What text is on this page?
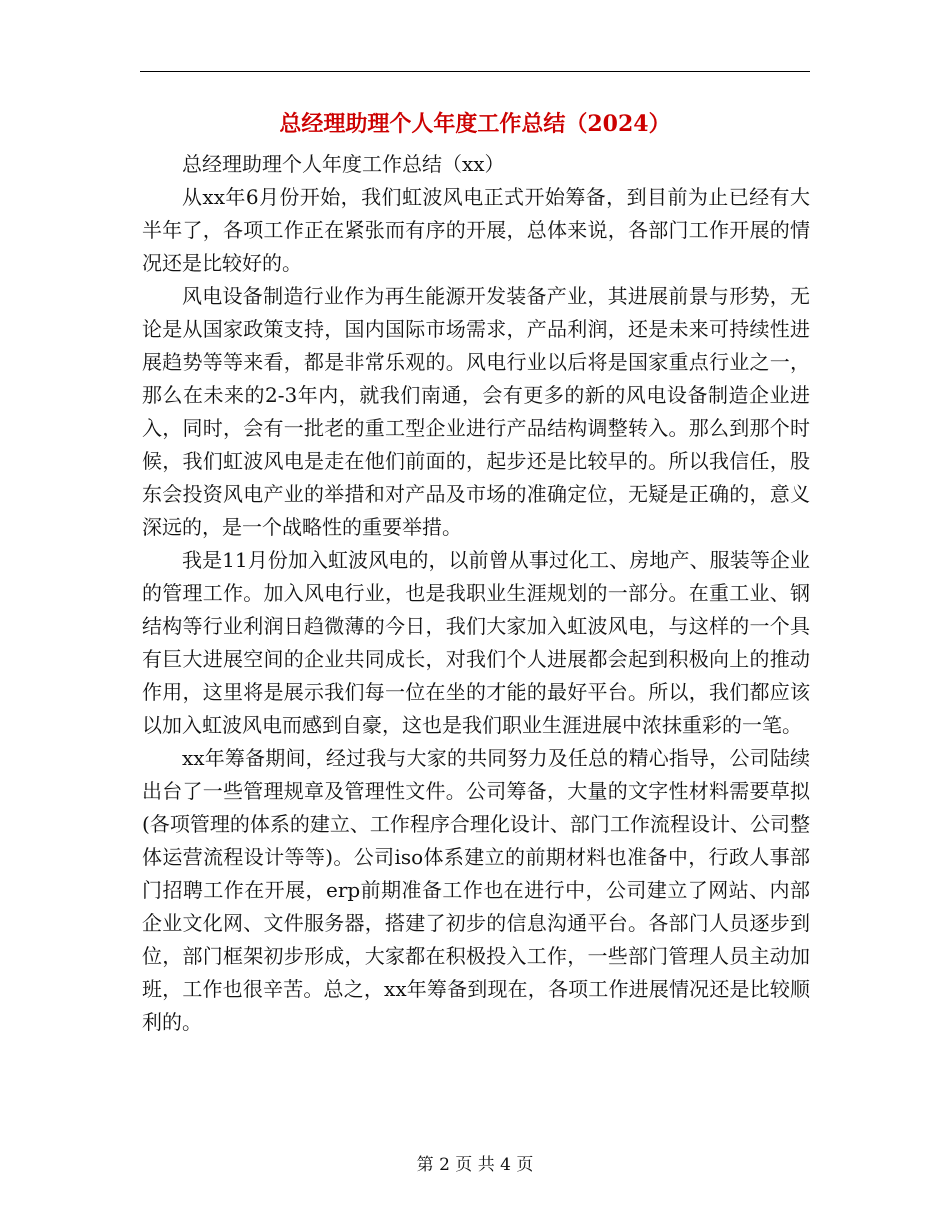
总经理助理个人年度工作总结（2024）

总经理助理个人年度工作总结（xx）

从xx年6月份开始，我们虹波风电正式开始筹备，到目前为止已经有大半年了，各项工作正在紧张而有序的开展，总体来说，各部门工作开展的情况还是比较好的。

风电设备制造行业作为再生能源开发装备产业，其进展前景与形势，无论是从国家政策支持，国内国际市场需求，产品利润，还是未来可持续性进展趋势等等来看，都是非常乐观的。风电行业以后将是国家重点行业之一，那么在未来的2-3年内，就我们南通，会有更多的新的风电设备制造企业进入，同时，会有一批老的重工型企业进行产品结构调整转入。那么到那个时候，我们虹波风电是走在他们前面的，起步还是比较早的。所以我信任，股东会投资风电产业的举措和对产品及市场的准确定位，无疑是正确的，意义深远的，是一个战略性的重要举措。

我是11月份加入虹波风电的，以前曾从事过化工、房地产、服装等企业的管理工作。加入风电行业，也是我职业生涯规划的一部分。在重工业、钢结构等行业利润日趋微薄的今日，我们大家加入虹波风电，与这样的一个具有巨大进展空间的企业共同成长，对我们个人进展都会起到积极向上的推动作用，这里将是展示我们每一位在坐的才能的最好平台。所以，我们都应该以加入虹波风电而感到自豪，这也是我们职业生涯进展中浓抹重彩的一笔。

xx年筹备期间，经过我与大家的共同努力及任总的精心指导，公司陆续出台了一些管理规章及管理性文件。公司筹备，大量的文字性材料需要草拟(各项管理的体系的建立、工作程序合理化设计、部门工作流程设计、公司整体运营流程设计等等)。公司iso体系建立的前期材料也准备中，行政人事部门招聘工作在开展，erp前期准备工作也在进行中，公司建立了网站、内部企业文化网、文件服务器，搭建了初步的信息沟通平台。各部门人员逐步到位，部门框架初步形成，大家都在积极投入工作，一些部门管理人员主动加班，工作也很辛苦。总之，xx年筹备到现在，各项工作进展情况还是比较顺利的。

第 2 页 共 4 页
